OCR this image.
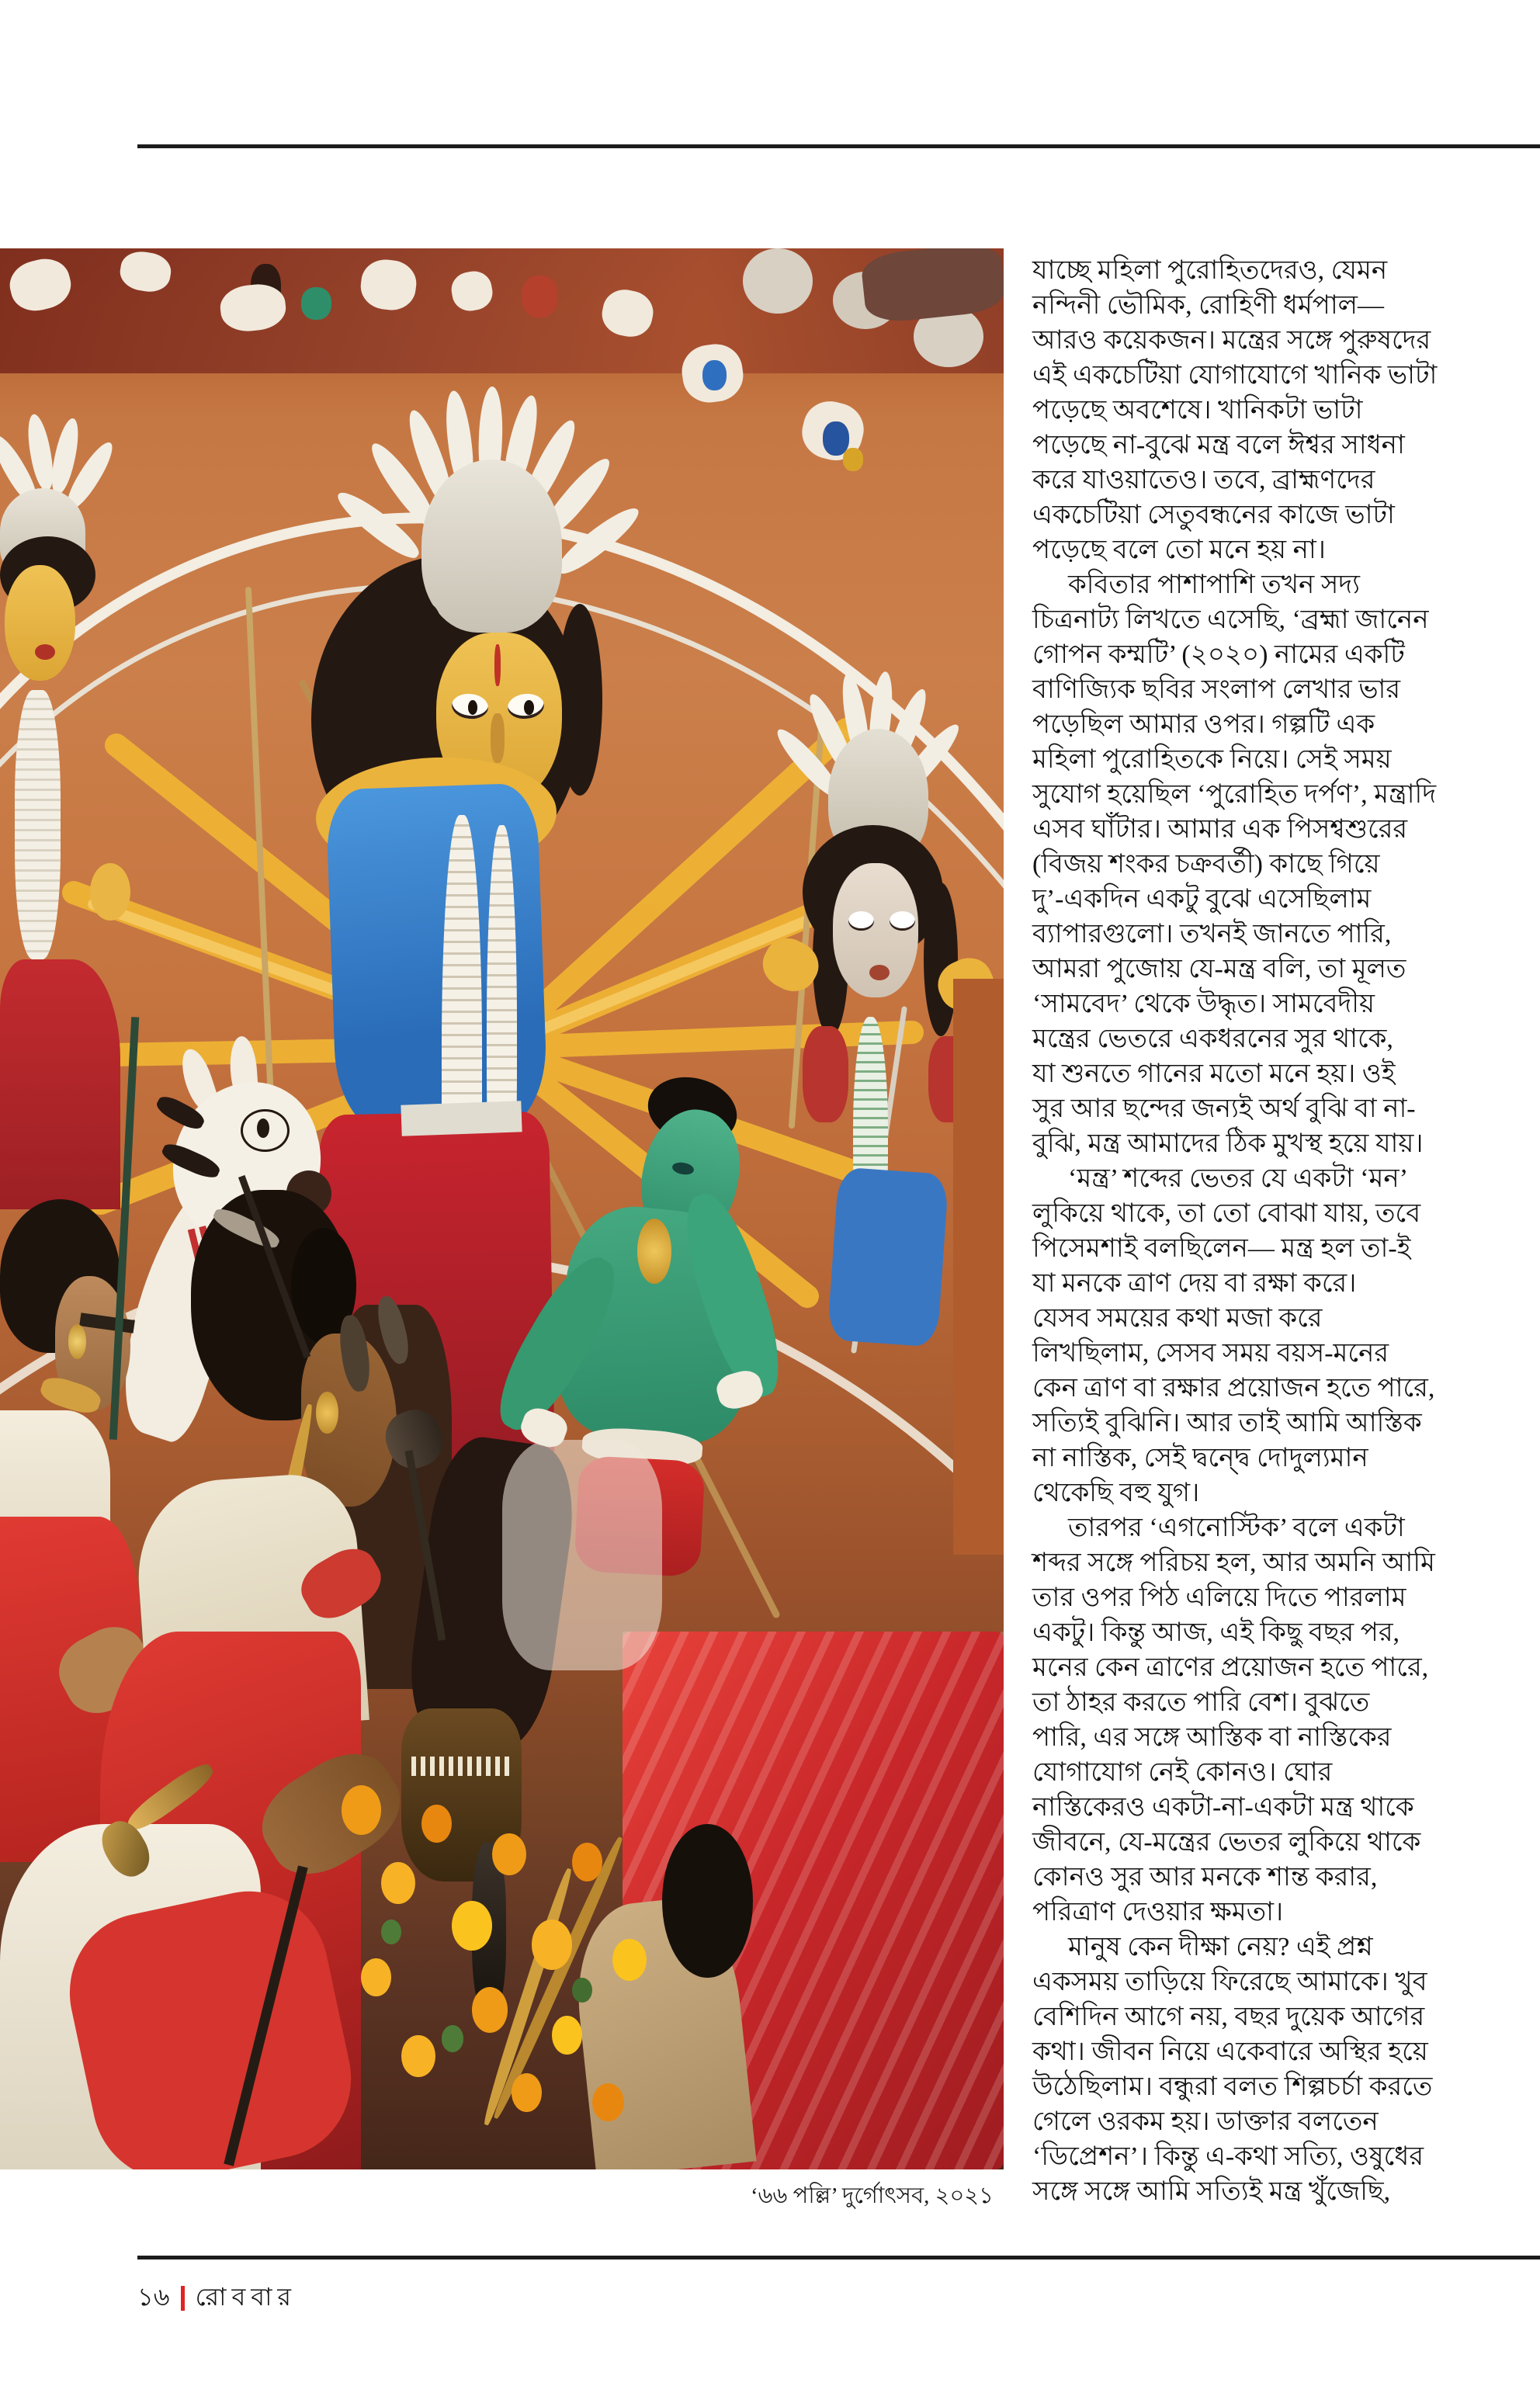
‘৬৬ পল্লি’ দুর্গোৎসব, ২০২১
যাচ্ছে মহিলা পুরোহিতদেরও, যেমন
নন্দিনী ভৌমিক, রোহিণী ধর্মপাল—
আরও কয়েকজন। মন্ত্রের সঙ্গে পুরুষদের
এই একচেটিয়া যোগাযোগে খানিক ভাটা
পড়েছে অবশেষে। খানিকটা ভাটা
পড়েছে না-বুঝে মন্ত্র বলে ঈশ্বর সাধনা
করে যাওয়াতেও। তবে, ব্রাহ্মণদের
একচেটিয়া সেতুবন্ধনের কাজে ভাটা
পড়েছে বলে তো মনে হয় না।
কবিতার পাশাপাশি তখন সদ্য
চিত্রনাট্য লিখতে এসেছি, ‘ব্রহ্মা জানেন
গোপন কম্মটি’ (২০২০) নামের একটি
বাণিজ্যিক ছবির সংলাপ লেখার ভার
পড়েছিল আমার ওপর। গল্পটি এক
মহিলা পুরোহিতকে নিয়ে। সেই সময়
সুযোগ হয়েছিল ‘পুরোহিত দর্পণ’, মন্ত্রাদি
এসব ঘাঁটার। আমার এক পিসশ্বশুরের
(বিজয় শংকর চক্রবর্তী) কাছে গিয়ে
দু’-একদিন একটু বুঝে এসেছিলাম
ব্যাপারগুলো। তখনই জানতে পারি,
আমরা পুজোয় যে-মন্ত্র বলি, তা মূলত
‘সামবেদ’ থেকে উদ্ধৃত। সামবেদীয়
মন্ত্রের ভেতরে একধরনের সুর থাকে,
যা শুনতে গানের মতো মনে হয়। ওই
সুর আর ছন্দের জন্যই অর্থ বুঝি বা না-
বুঝি, মন্ত্র আমাদের ঠিক মুখস্থ হয়ে যায়।
‘মন্ত্র’ শব্দের ভেতর যে একটা ‘মন’
লুকিয়ে থাকে, তা তো বোঝা যায়, তবে
পিসেমশাই বলছিলেন— মন্ত্র হল তা-ই
যা মনকে ত্রাণ দেয় বা রক্ষা করে।
যেসব সময়ের কথা মজা করে
লিখছিলাম, সেসব সময় বয়স-মনের
কেন ত্রাণ বা রক্ষার প্রয়োজন হতে পারে,
সত্যিই বুঝিনি। আর তাই আমি আস্তিক
না নাস্তিক, সেই দ্বন্দ্বে দোদুল্যমান
থেকেছি বহু যুগ।
তারপর ‘এগনোস্টিক’ বলে একটা
শব্দর সঙ্গে পরিচয় হল, আর অমনি আমি
তার ওপর পিঠ এলিয়ে দিতে পারলাম
একটু। কিন্তু আজ, এই কিছু বছর পর,
মনের কেন ত্রাণের প্রয়োজন হতে পারে,
তা ঠাহর করতে পারি বেশ। বুঝতে
পারি, এর সঙ্গে আস্তিক বা নাস্তিকের
যোগাযোগ নেই কোনও। ঘোর
নাস্তিকেরও একটা-না-একটা মন্ত্র থাকে
জীবনে, যে-মন্ত্রের ভেতর লুকিয়ে থাকে
কোনও সুর আর মনকে শান্ত করার,
পরিত্রাণ দেওয়ার ক্ষমতা।
মানুষ কেন দীক্ষা নেয়? এই প্রশ্ন
একসময় তাড়িয়ে ফিরেছে আমাকে। খুব
বেশিদিন আগে নয়, বছর দুয়েক আগের
কথা। জীবন নিয়ে একেবারে অস্থির হয়ে
উঠেছিলাম। বন্ধুরা বলত শিল্পচর্চা করতে
গেলে ওরকম হয়। ডাক্তার বলতেন
‘ডিপ্রেশন’। কিন্তু এ-কথা সত্যি, ওষুধের
সঙ্গে সঙ্গে আমি সত্যিই মন্ত্র খুঁজেছি,
১৬ রোববার
